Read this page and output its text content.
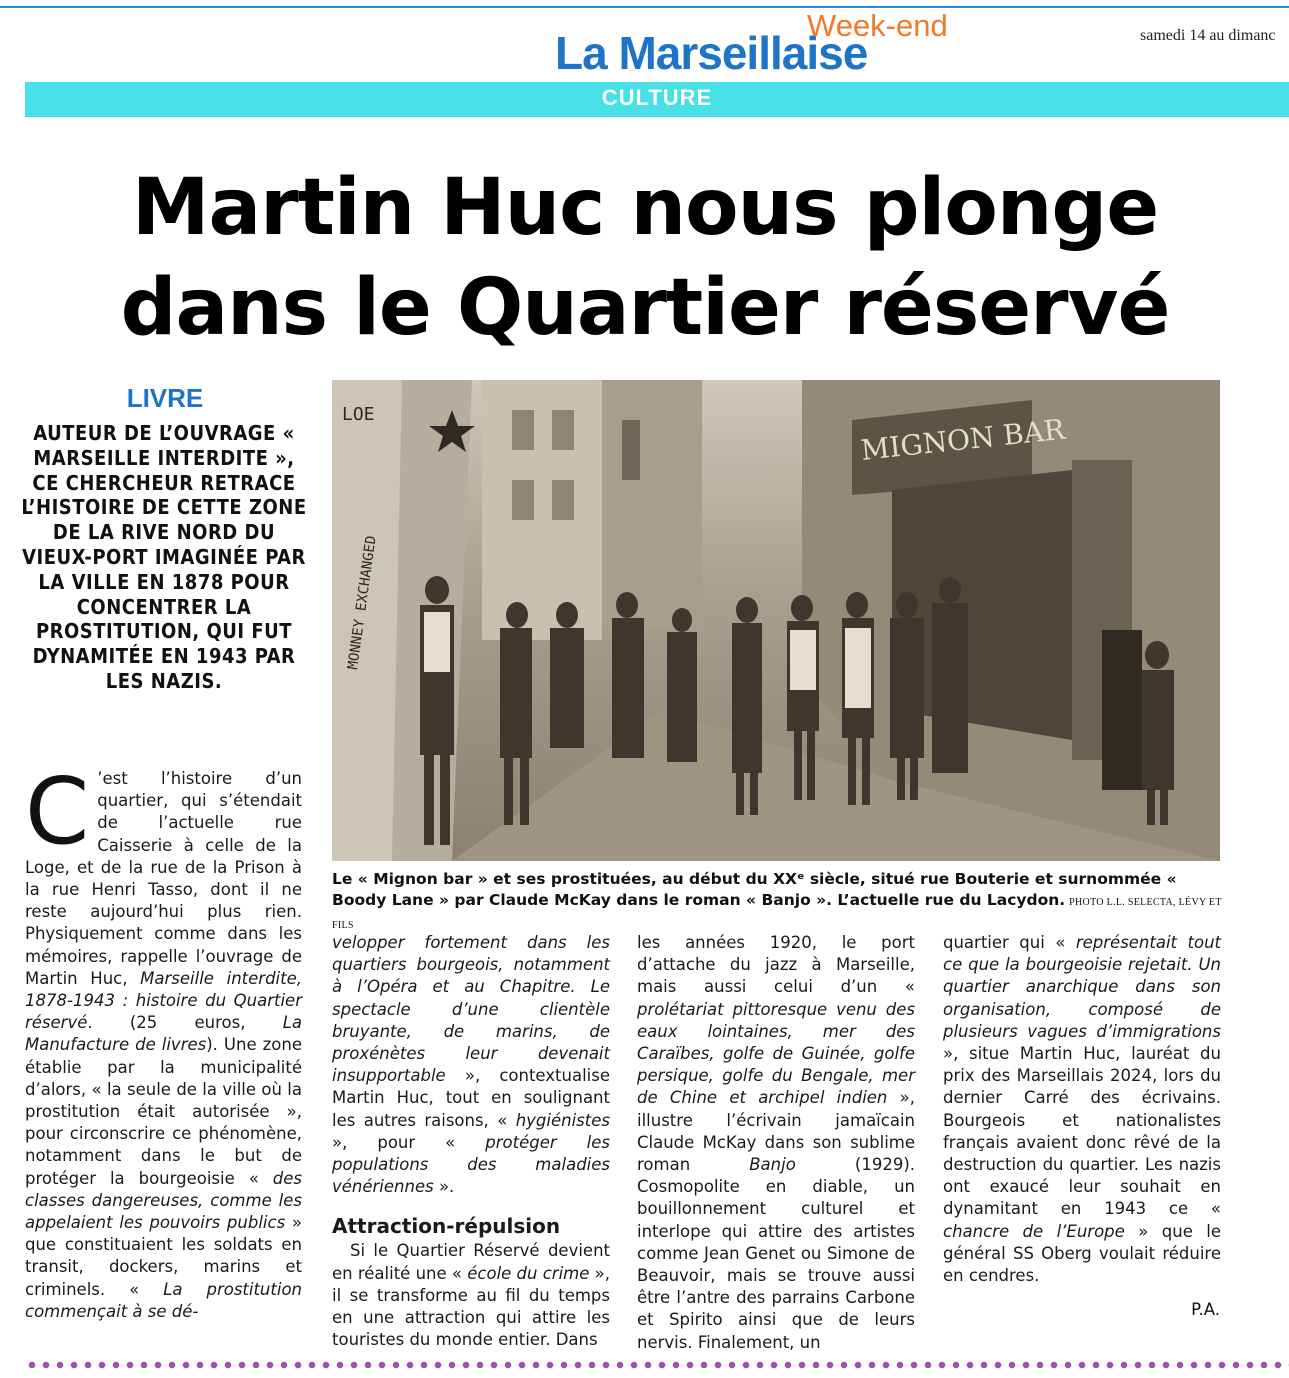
La Marseillaise
Week-end	samedi 14 au dimanc
CULTURE
Martin Huc nous plonge dans le Quartier réservé
LIVRE
AUTEUR DE L’OUVRAGE « MARSEILLE INTERDITE », CE CHERCHEUR RETRACE L’HISTOIRE DE CETTE ZONE DE LA RIVE NORD DU VIEUX-PORT IMAGINÉE PAR LA VILLE EN 1878 POUR CONCENTRER LA PROSTITUTION, QUI FUT DYNAMITÉE EN 1943 PAR LES NAZIS.
MIGNON BAR
MONNEY EXCHANGED
LOE
Le « Mignon bar » et ses prostituées, au début du XXᵉ siècle, situé rue Bouterie et surnommée « Boody Lane » par Claude McKay dans le roman « Banjo ». L’actuelle rue du Lacydon. PHOTO L.L. SELECTA, LÉVY ET FILS

C ’est l’histoire d’un quartier, qui s’étendait de l’actuelle rue Caisserie à celle de la Loge, et de la rue de la Prison à la rue Henri Tasso, dont il ne reste aujourd’hui plus rien. Physiquement comme dans les mémoires, rappelle l’ouvrage de Martin Huc, Marseille interdite, 1878-1943 : histoire du Quartier réservé. (25 euros, La Manufacture de livres). Une zone établie par la municipalité d’alors, « la seule de la ville où la prostitution était autorisée », pour circonscrire ce phénomène, notamment dans le but de protéger la bourgeoisie « des classes dangereuses, comme les appelaient les pouvoirs publics » que constituaient les soldats en transit, dockers, marins et criminels. « La prostitution commençait à se dé-

velopper fortement dans les quartiers bourgeois, notamment à l’Opéra et au Chapitre. Le spectacle d’une clientèle bruyante, de marins, de proxénètes leur devenait insupportable », contextualise Martin Huc, tout en soulignant les autres raisons, « hygiénistes », pour « protéger les populations des maladies vénériennes ».

Attraction-répulsion

Si le Quartier Réservé devient en réalité une « école du crime », il se transforme au fil du temps en une attraction qui attire les touristes du monde entier. Dans

les années 1920, le port d’attache du jazz à Marseille, mais aussi celui d’un « prolétariat pittoresque venu des eaux lointaines, mer des Caraïbes, golfe de Guinée, golfe persique, golfe du Bengale, mer de Chine et archipel indien », illustre l’écrivain jamaïcain Claude McKay dans son sublime roman Banjo (1929). Cosmopolite en diable, un bouillonnement culturel et interlope qui attire des artistes comme Jean Genet ou Simone de Beauvoir, mais se trouve aussi être l’antre des parrains Carbone et Spirito ainsi que de leurs nervis. Finalement, un

quartier qui « représentait tout ce que la bourgeoisie rejetait. Un quartier anarchique dans son organisation, composé de plusieurs vagues d’immigrations », situe Martin Huc, lauréat du prix des Marseillais 2024, lors du dernier Carré des écrivains. Bourgeois et nationalistes français avaient donc rêvé de la destruction du quartier. Les nazis ont exaucé leur souhait en dynamitant en 1943 ce « chancre de l’Europe » que le général SS Oberg voulait réduire en cendres.

P.A.
